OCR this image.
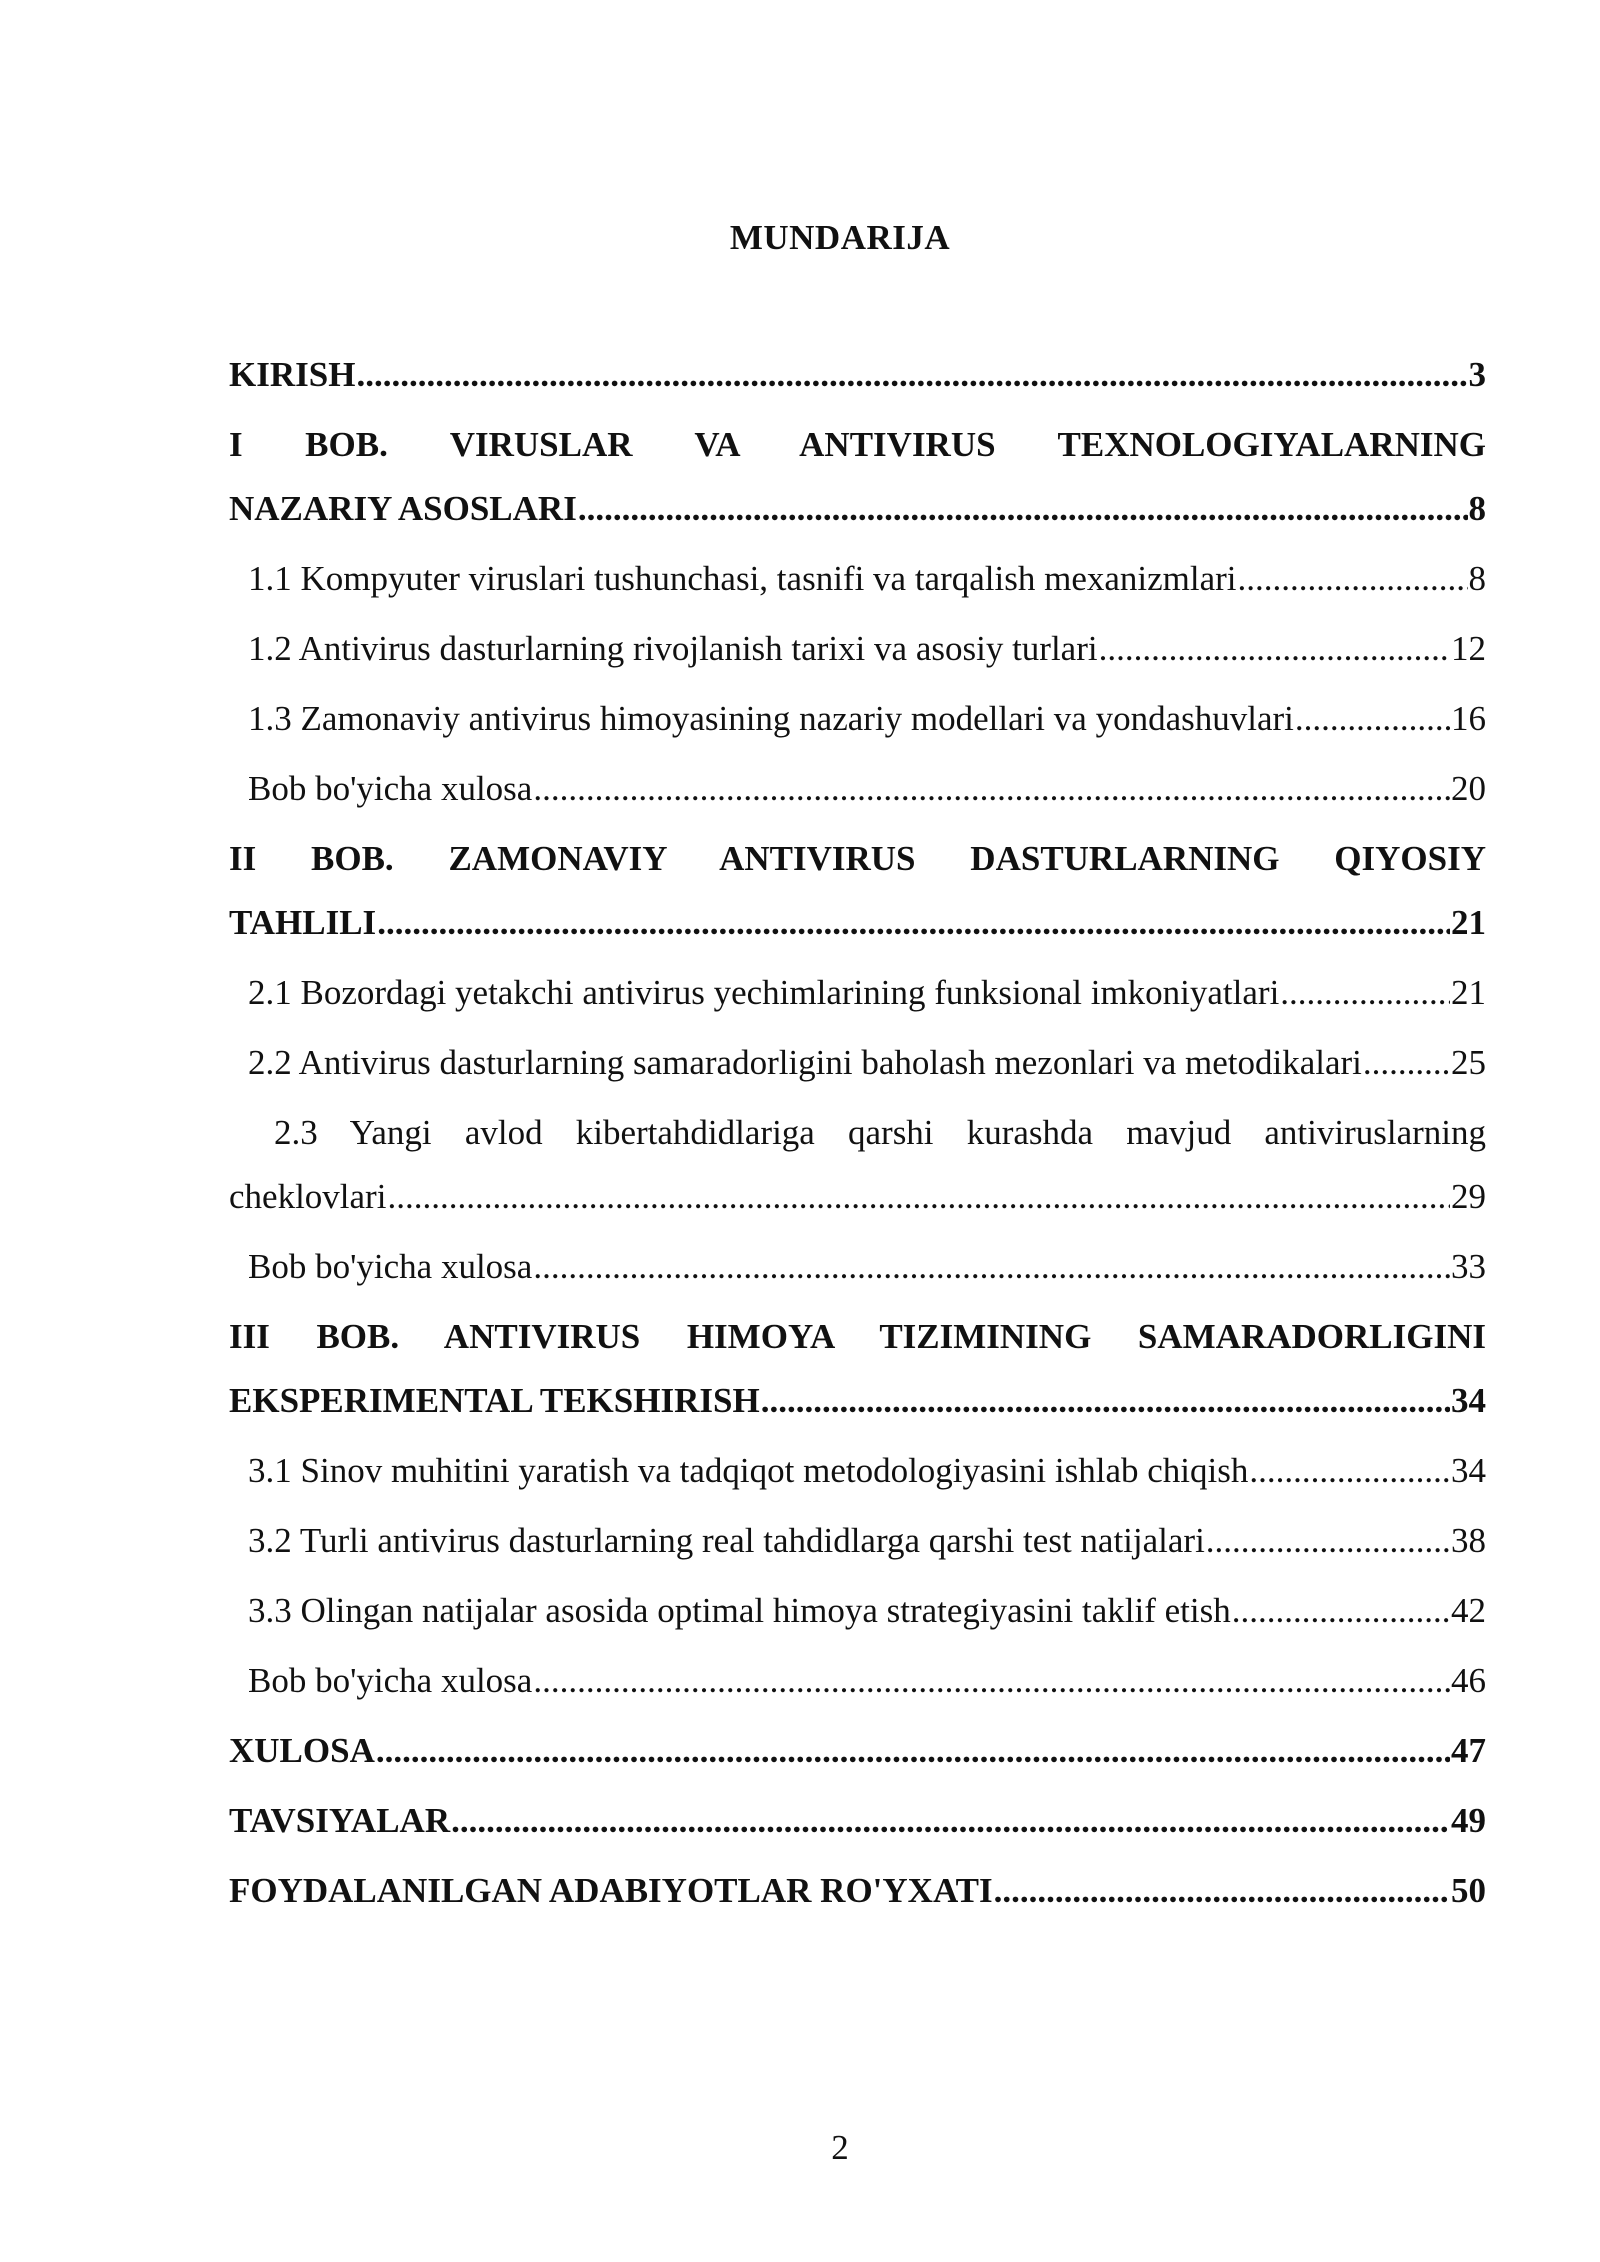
MUNDARIJA
KIRISH .....	3
I BOB. VIRUSLAR VA ANTIVIRUS TEXNOLOGIYALARNING
NAZARIY ASOSLARI .....	8
1.1 Kompyuter viruslari tushunchasi, tasnifi va tarqalish mexanizmlari .....	8
1.2 Antivirus dasturlarning rivojlanish tarixi va asosiy turlari .....	12
1.3 Zamonaviy antivirus himoyasining nazariy modellari va yondashuvlari .....	16
Bob bo'yicha xulosa .....	20
II BOB. ZAMONAVIY ANTIVIRUS DASTURLARNING QIYOSIY
TAHLILI .....	21
2.1 Bozordagi yetakchi antivirus yechimlarining funksional imkoniyatlari .....	21
2.2 Antivirus dasturlarning samaradorligini baholash mezonlari va metodikalari .....	25
2.3 Yangi avlod kibertahdidlariga qarshi kurashda mavjud antiviruslarning
cheklovlari .....	29
Bob bo'yicha xulosa .....	33
III BOB. ANTIVIRUS HIMOYA TIZIMINING SAMARADORLIGINI
EKSPERIMENTAL TEKSHIRISH .....	34
3.1 Sinov muhitini yaratish va tadqiqot metodologiyasini ishlab chiqish .....	34
3.2 Turli antivirus dasturlarning real tahdidlarga qarshi test natijalari .....	38
3.3 Olingan natijalar asosida optimal himoya strategiyasini taklif etish .....	42
Bob bo'yicha xulosa .....	46
XULOSA .....	47
TAVSIYALAR .....	49
FOYDALANILGAN ADABIYOTLAR RO'YXATI .....	50
2
